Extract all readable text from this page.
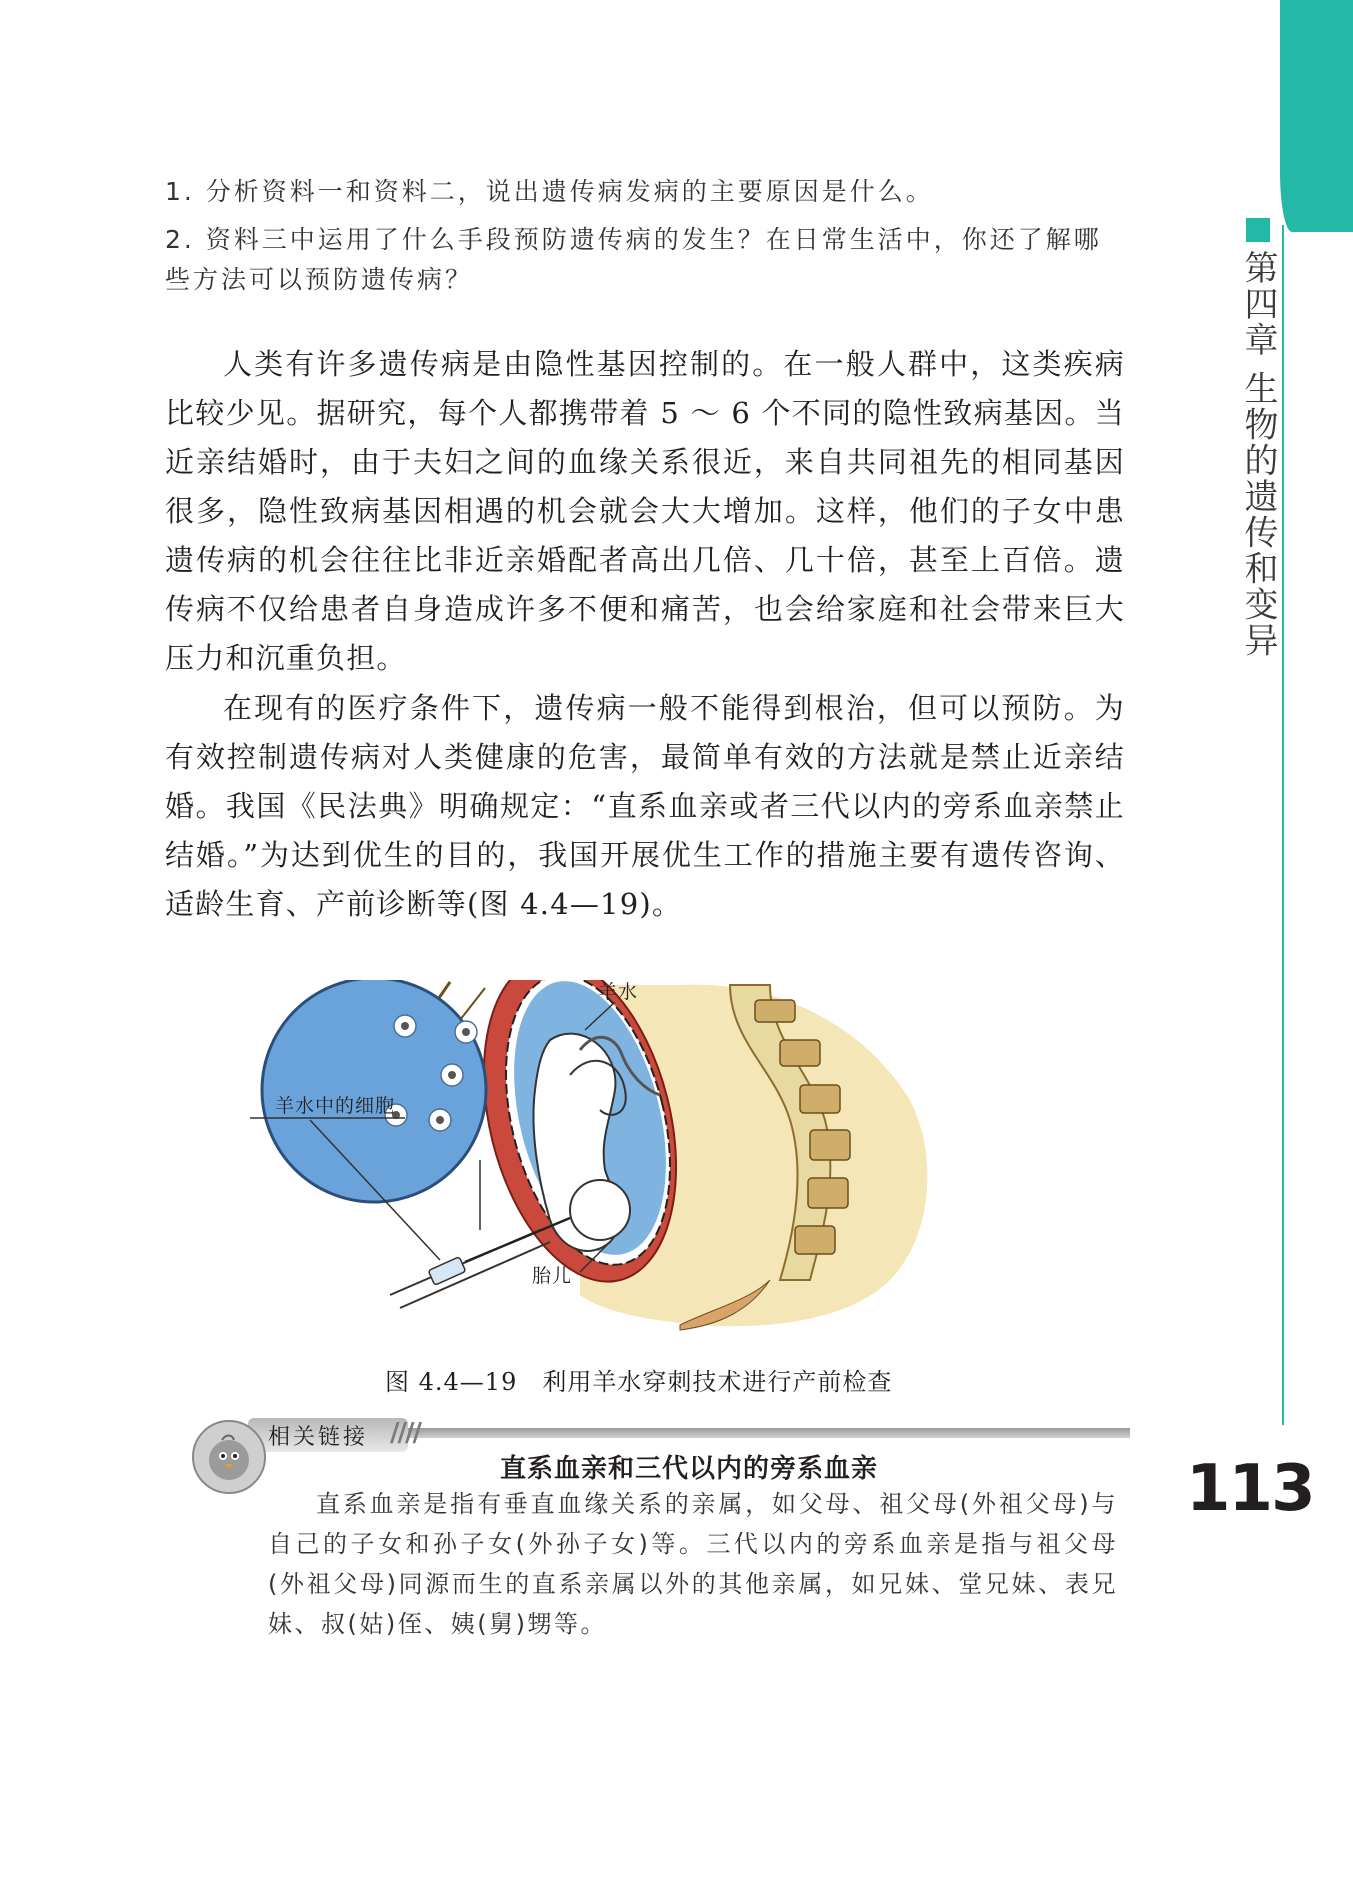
第四章 生物的遗传和变异
1. 分析资料一和资料二，说出遗传病发病的主要原因是什么。
2. 资料三中运用了什么手段预防遗传病的发生？在日常生活中，你还了解哪些方法可以预防遗传病？
人类有许多遗传病是由隐性基因控制的。在一般人群中，这类疾病比较少见。据研究，每个人都携带着 5 ～ 6 个不同的隐性致病基因。当近亲结婚时，由于夫妇之间的血缘关系很近，来自共同祖先的相同基因很多，隐性致病基因相遇的机会就会大大增加。这样，他们的子女中患遗传病的机会往往比非近亲婚配者高出几倍、几十倍，甚至上百倍。遗传病不仅给患者自身造成许多不便和痛苦，也会给家庭和社会带来巨大压力和沉重负担。
在现有的医疗条件下，遗传病一般不能得到根治，但可以预防。为有效控制遗传病对人类健康的危害，最简单有效的方法就是禁止近亲结婚。我国《民法典》明确规定：“直系血亲或者三代以内的旁系血亲禁止结婚。”为达到优生的目的，我国开展优生工作的措施主要有遗传咨询、适龄生育、产前诊断等(图 4.4—19)。
羊水中的细胞
羊水
胎儿
图 4.4—19　利用羊水穿刺技术进行产前检查
相关链接 ////
直系血亲和三代以内的旁系血亲
直系血亲是指有垂直血缘关系的亲属，如父母、祖父母(外祖父母)与自己的子女和孙子女(外孙子女)等。三代以内的旁系血亲是指与祖父母(外祖父母)同源而生的直系亲属以外的其他亲属，如兄妹、堂兄妹、表兄妹、叔(姑)侄、姨(舅)甥等。
113
